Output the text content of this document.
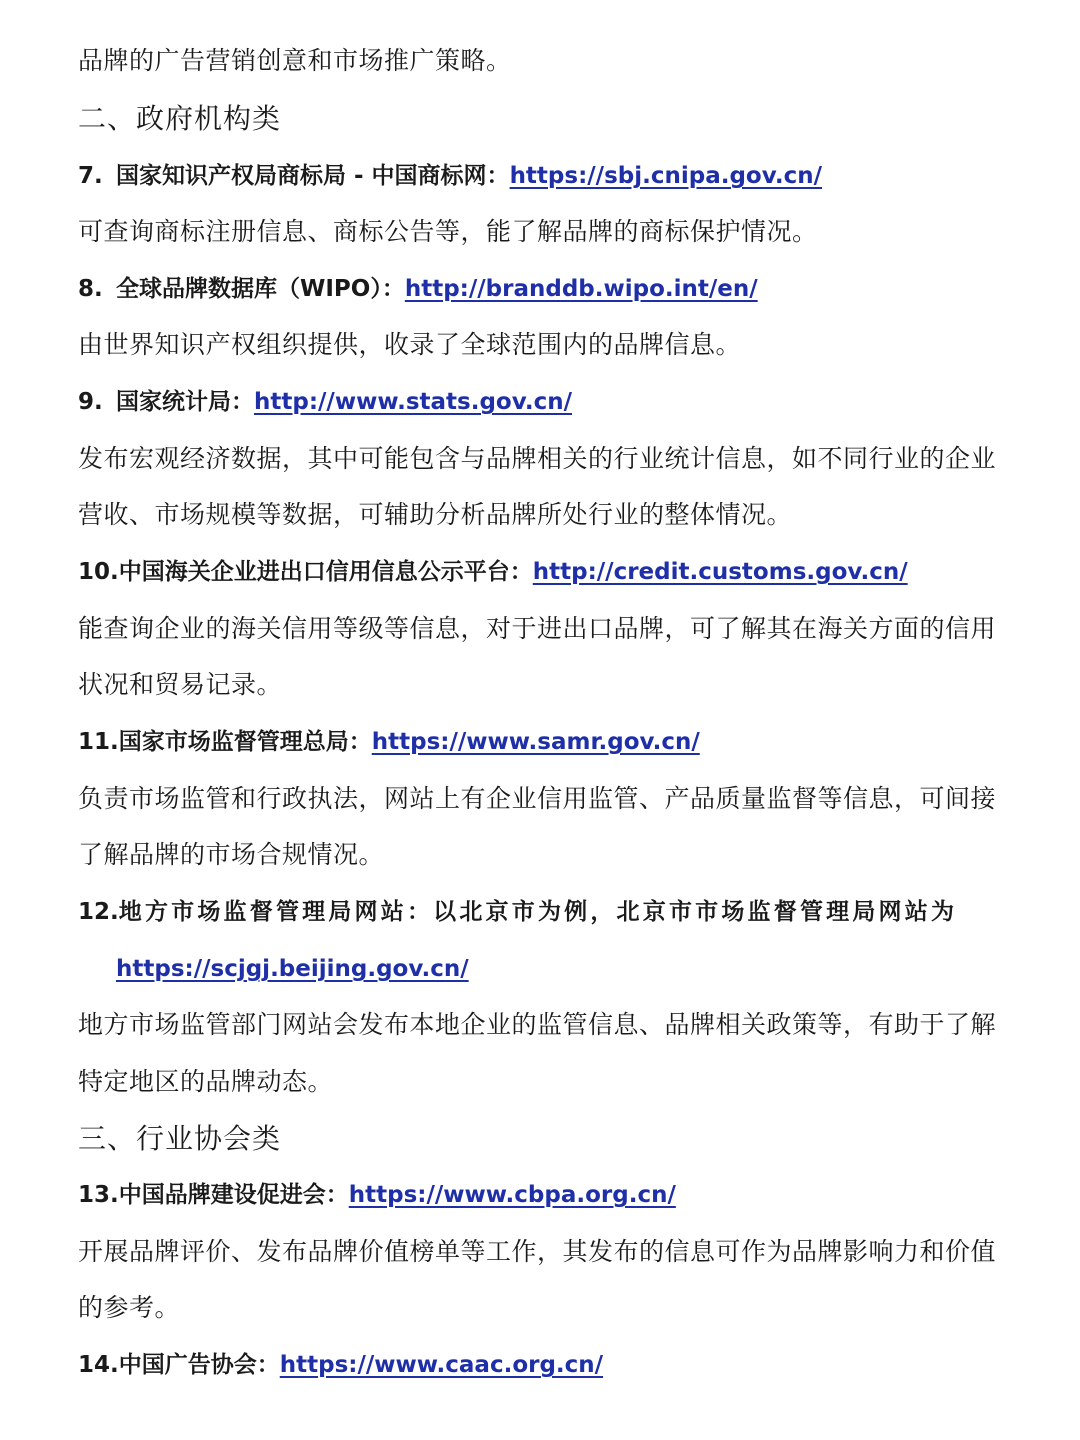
品牌的广告营销创意和市场推广策略。
二、政府机构类
7. 国家知识产权局商标局 - 中国商标网：https://sbj.cnipa.gov.cn/
可查询商标注册信息、商标公告等，能了解品牌的商标保护情况。
8. 全球品牌数据库（WIPO）：http://branddb.wipo.int/en/
由世界知识产权组织提供，收录了全球范围内的品牌信息。
9. 国家统计局：http://www.stats.gov.cn/
发布宏观经济数据，其中可能包含与品牌相关的行业统计信息，如不同行业的企业
营收、市场规模等数据，可辅助分析品牌所处行业的整体情况。
10.中国海关企业进出口信用信息公示平台：http://credit.customs.gov.cn/
能查询企业的海关信用等级等信息，对于进出口品牌，可了解其在海关方面的信用
状况和贸易记录。
11.国家市场监督管理总局：https://www.samr.gov.cn/
负责市场监管和行政执法，网站上有企业信用监管、产品质量监督等信息，可间接
了解品牌的市场合规情况。
12.地方市场监督管理局网站：以北京市为例，北京市市场监督管理局网站为
https://scjgj.beijing.gov.cn/
地方市场监管部门网站会发布本地企业的监管信息、品牌相关政策等，有助于了解
特定地区的品牌动态。
三、行业协会类
13.中国品牌建设促进会：https://www.cbpa.org.cn/
开展品牌评价、发布品牌价值榜单等工作，其发布的信息可作为品牌影响力和价值
的参考。
14.中国广告协会：https://www.caac.org.cn/
